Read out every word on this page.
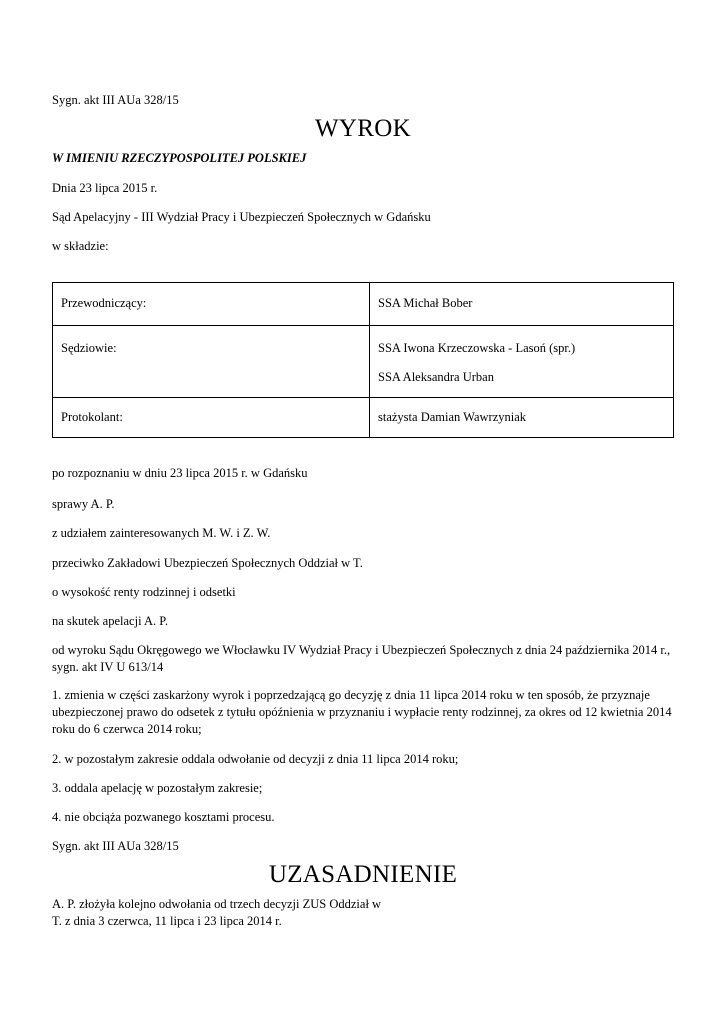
Sygn. akt III AUa 328/15

WYROK

W IMIENIU RZECZYPOSPOLITEJ POLSKIEJ

Dnia 23 lipca 2015 r.

Sąd Apelacyjny - III Wydział Pracy i Ubezpieczeń Społecznych w Gdańsku

w składzie:

Przewodniczący:	SSA Michał Bober

Sędziowie:	SSA Iwona Krzeczowska - Lasoń (spr.)
SSA Aleksandra Urban

Protokolant:	stażysta Damian Wawrzyniak

po rozpoznaniu w dniu 23 lipca 2015 r. w Gdańsku

sprawy A. P.

z udziałem zainteresowanych M. W. i Z. W.

przeciwko Zakładowi Ubezpieczeń Społecznych Oddział w T.

o wysokość renty rodzinnej i odsetki

na skutek apelacji A. P.

od wyroku Sądu Okręgowego we Włocławku IV Wydział Pracy i Ubezpieczeń Społecznych z dnia 24 października 2014 r., sygn. akt IV U 613/14

1. zmienia w części zaskarżony wyrok i poprzedzającą go decyzję z dnia 11 lipca 2014 roku w ten sposób, że przyznaje ubezpieczonej prawo do odsetek z tytułu opóźnienia w przyznaniu i wypłacie renty rodzinnej, za okres od 12 kwietnia 2014 roku do 6 czerwca 2014 roku;

2. w pozostałym zakresie oddala odwołanie od decyzji z dnia 11 lipca 2014 roku;

3. oddala apelację w pozostałym zakresie;

4. nie obciąża pozwanego kosztami procesu.

Sygn. akt III AUa 328/15

UZASADNIENIE

A. P. złożyła kolejno odwołania od trzech decyzji ZUS Oddział w T. z dnia 3 czerwca, 11 lipca i 23 lipca 2014 r.
